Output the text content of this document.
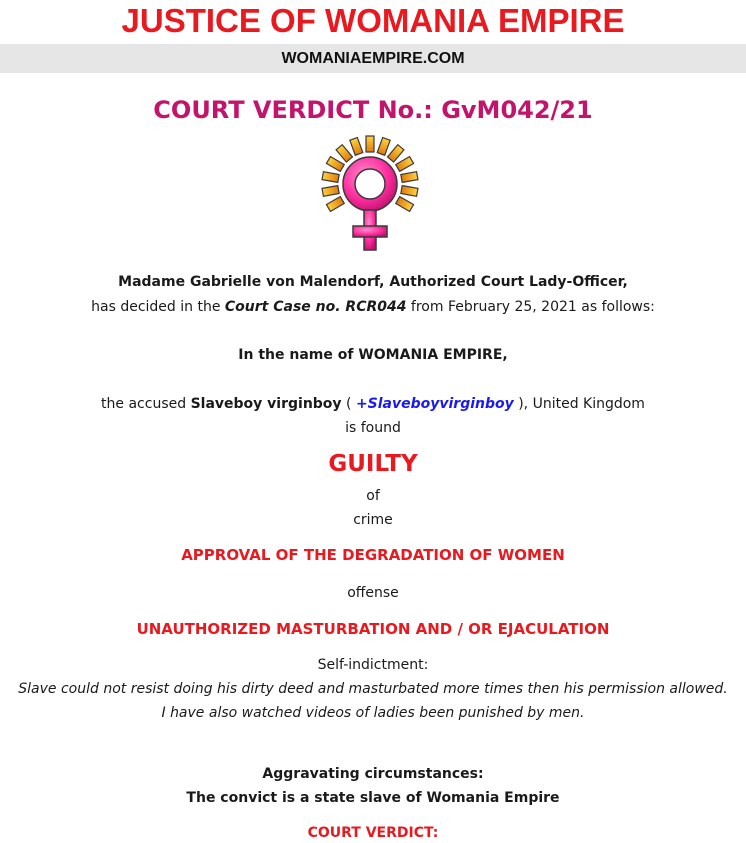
JUSTICE OF WOMANIA EMPIRE
WOMANIAEMPIRE.COM
COURT VERDICT No.: GvM042/21
Madame Gabrielle von Malendorf, Authorized Court Lady-Officer,
has decided in the Court Case no. RCR044 from February 25, 2021 as follows:
In the name of WOMANIA EMPIRE,
the accused Slaveboy virginboy ( +Slaveboyvirginboy ), United Kingdom
is found
GUILTY
of
crime
APPROVAL OF THE DEGRADATION OF WOMEN
offense
UNAUTHORIZED MASTURBATION AND / OR EJACULATION
Self-indictment:
Slave could not resist doing his dirty deed and masturbated more times then his permission allowed.
I have also watched videos of ladies been punished by men.
Aggravating circumstances:
The convict is a state slave of Womania Empire
COURT VERDICT:
